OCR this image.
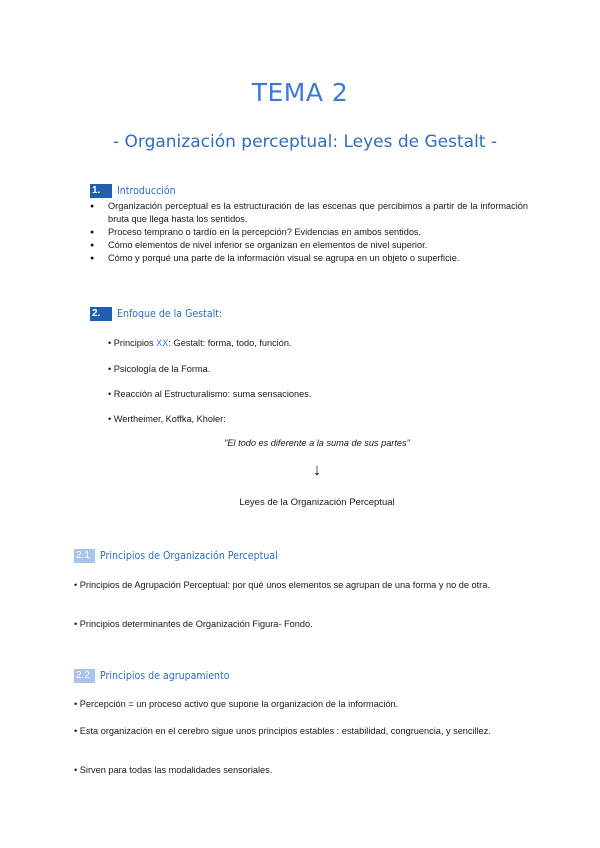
TEMA 2
- Organización perceptual: Leyes de Gestalt -
1.	Introducción
● Organización perceptual es la estructuración de las escenas que percibimos a partir de la información bruta que llega hasta los sentidos.
● Proceso temprano o tardío en la percepción? Evidencias en ambos sentidos.
● Cómo elementos de nivel inferior se organizan en elementos de nivel superior.
● Cómo y porqué una parte de la información visual se agrupa en un objeto o superficie.
2.	Enfoque de la Gestalt:
• Principios XX: Gestalt: forma, todo, función.
• Psicología de la Forma.
• Reacción al Estructuralismo: suma sensaciones.
• Wertheimer, Koffka, Kholer:
"El todo es diferente a la suma de sus partes"
↓
Leyes de la Organización Perceptual
2.1 Principios de Organización Perceptual
• Principios de Agrupación Perceptual: por qué unos elementos se agrupan de una forma y no de otra.
• Principios determinantes de Organización Figura- Fondo.
2.2 Principios de agrupamiento
• Percepción = un proceso activo que supone la organización de la información.
• Esta organización en el cerebro sigue unos principios estables : estabilidad, congruencia, y sencillez.
• Sirven para todas las modalidades sensoriales.
